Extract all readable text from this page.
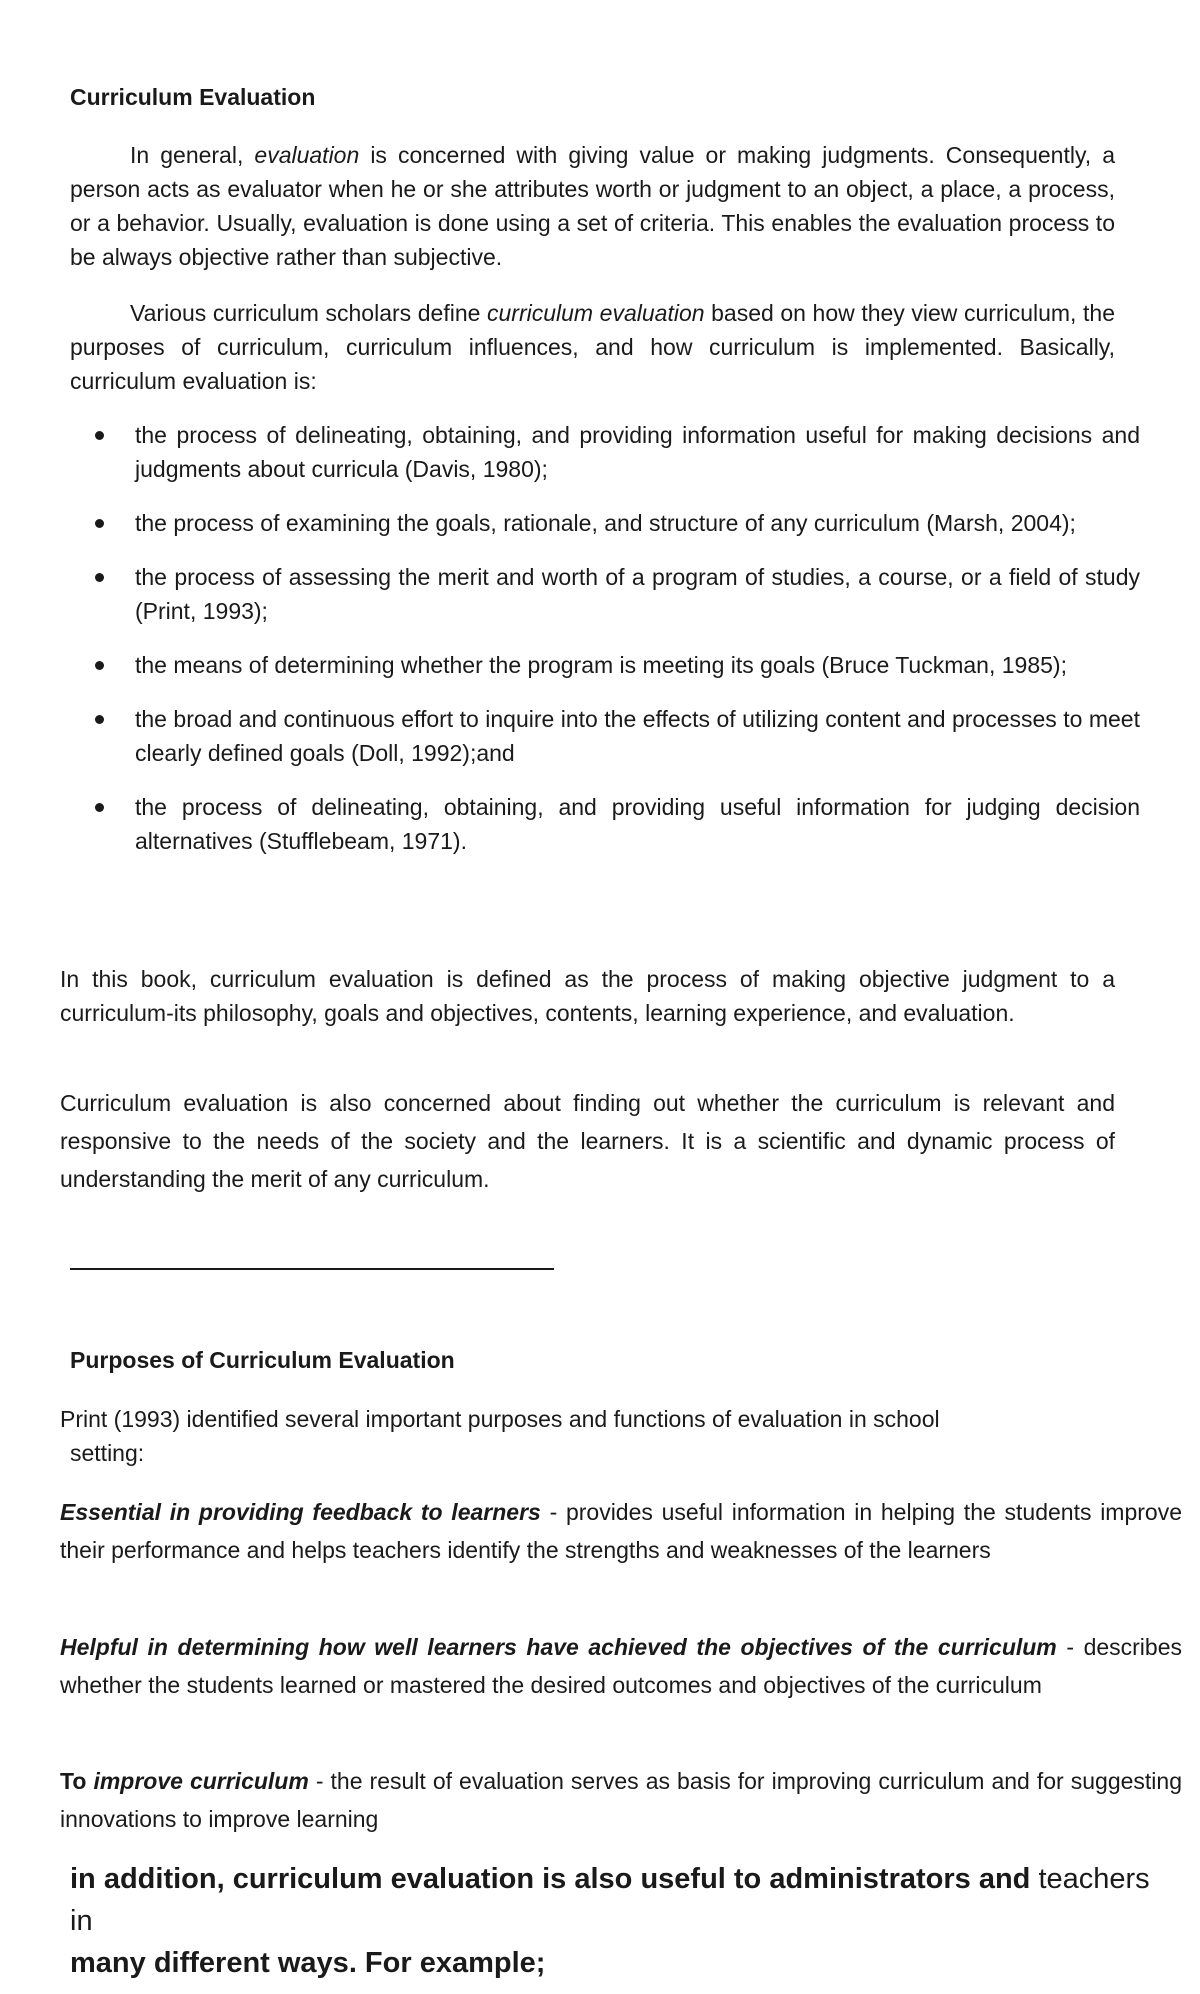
Curriculum Evaluation

In general, evaluation is concerned with giving value or making judgments. Consequently, a person acts as evaluator when he or she attributes worth or judgment to an object, a place, a process, or a behavior. Usually, evaluation is done using a set of criteria. This enables the evaluation process to be always objective rather than subjective.

Various curriculum scholars define curriculum evaluation based on how they view curriculum, the purposes of curriculum, curriculum influences, and how curriculum is implemented. Basically, curriculum evaluation is:

the process of delineating, obtaining, and providing information useful for making decisions and judgments about curricula (Davis, 1980);
the process of examining the goals, rationale, and structure of any curriculum (Marsh, 2004);
the process of assessing the merit and worth of a program of studies, a course, or a field of study (Print, 1993);
the means of determining whether the program is meeting its goals (Bruce Tuckman, 1985);
the broad and continuous effort to inquire into the effects of utilizing content and processes to meet clearly defined goals (Doll, 1992);and
the process of delineating, obtaining, and providing useful information for judging decision alternatives (Stufflebeam, 1971).

In this book, curriculum evaluation is defined as the process of making objective judgment to a curriculum-its philosophy, goals and objectives, contents, learning experience, and evaluation.

Curriculum evaluation is also concerned about finding out whether the curriculum is relevant and responsive to the needs of the society and the learners. It is a scientific and dynamic process of understanding the merit of any curriculum.

Purposes of Curriculum Evaluation
Print (1993) identified several important purposes and functions of evaluation in school
setting:

Essential in providing feedback to learners - provides useful information in helping the students improve their performance and helps teachers identify the strengths and weaknesses of the learners

Helpful in determining how well learners have achieved the objectives of the curriculum - describes whether the students learned or mastered the desired outcomes and objectives of the curriculum

To improve curriculum - the result of evaluation serves as basis for improving curriculum and for suggesting innovations to improve learning

in addition, curriculum evaluation is also useful to administrators and teachers in
many different ways. For example;
